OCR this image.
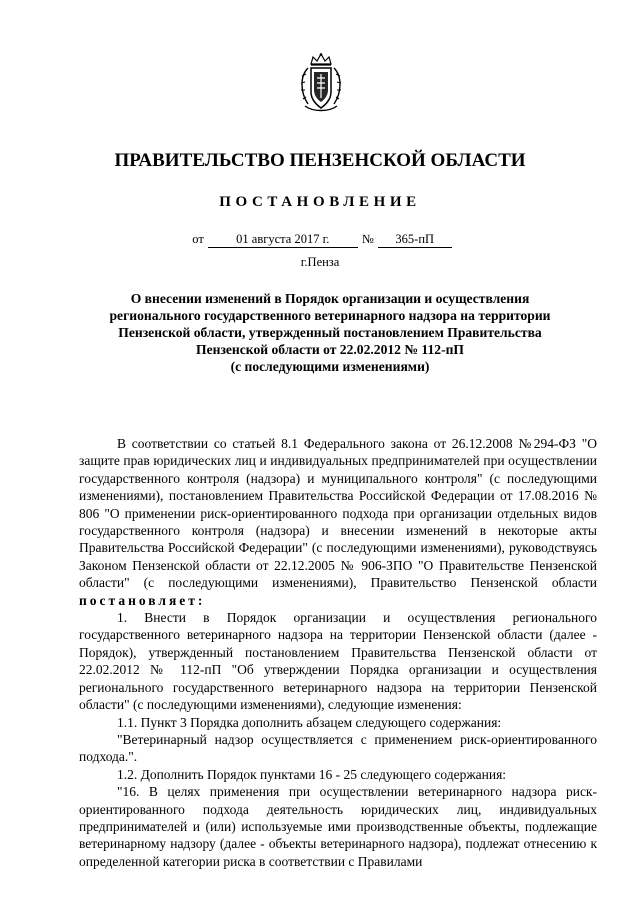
ПРАВИТЕЛЬСТВО ПЕНЗЕНСКОЙ ОБЛАСТИ
ПОСТАНОВЛЕНИЕ
от	01 августа 2017 г.	№ 365-пП
г.Пенза
О внесении изменений в Порядок организации и осуществления
регионального государственного ветеринарного надзора на территории
Пензенской области, утвержденный постановлением Правительства
Пензенской области от 22.02.2012 № 112-пП
(с последующими изменениями)

В соответствии со статьей 8.1 Федерального закона от 26.12.2008 №294-ФЗ "О защите прав юридических лиц и индивидуальных предпринимателей при осуществлении государственного контроля (надзора) и муниципального контроля" (с последующими изменениями), постановлением Правительства Российской Федерации от 17.08.2016 № 806 "О применении риск-ориентированного подхода при организации отдельных видов государственного контроля (надзора) и внесении изменений в некоторые акты Правительства Российской Федерации" (с последующими изменениями), руководствуясь Законом Пензенской области от 22.12.2005 № 906-ЗПО "О Правительстве Пензенской области" (с последующими изменениями), Правительство Пензенской области постановляет:

1. Внести в Порядок организации и осуществления регионального государственного ветеринарного надзора на территории Пензенской области (далее - Порядок), утвержденный постановлением Правительства Пензенской области от 22.02.2012 № 112-пП "Об утверждении Порядка организации и осуществления регионального государственного ветеринарного надзора на территории Пензенской области" (с последующими изменениями), следующие изменения:

1.1. Пункт 3 Порядка дополнить абзацем следующего содержания:

"Ветеринарный надзор осуществляется с применением риск-ориентированного подхода.".

1.2. Дополнить Порядок пунктами 16 - 25 следующего содержания:

"16. В целях применения при осуществлении ветеринарного надзора риск-ориентированного подхода деятельность юридических лиц, индивидуальных предпринимателей и (или) используемые ими производственные объекты, подлежащие ветеринарному надзору (далее - объекты ветеринарного надзора), подлежат отнесению к определенной категории риска в соответствии с Правилами
